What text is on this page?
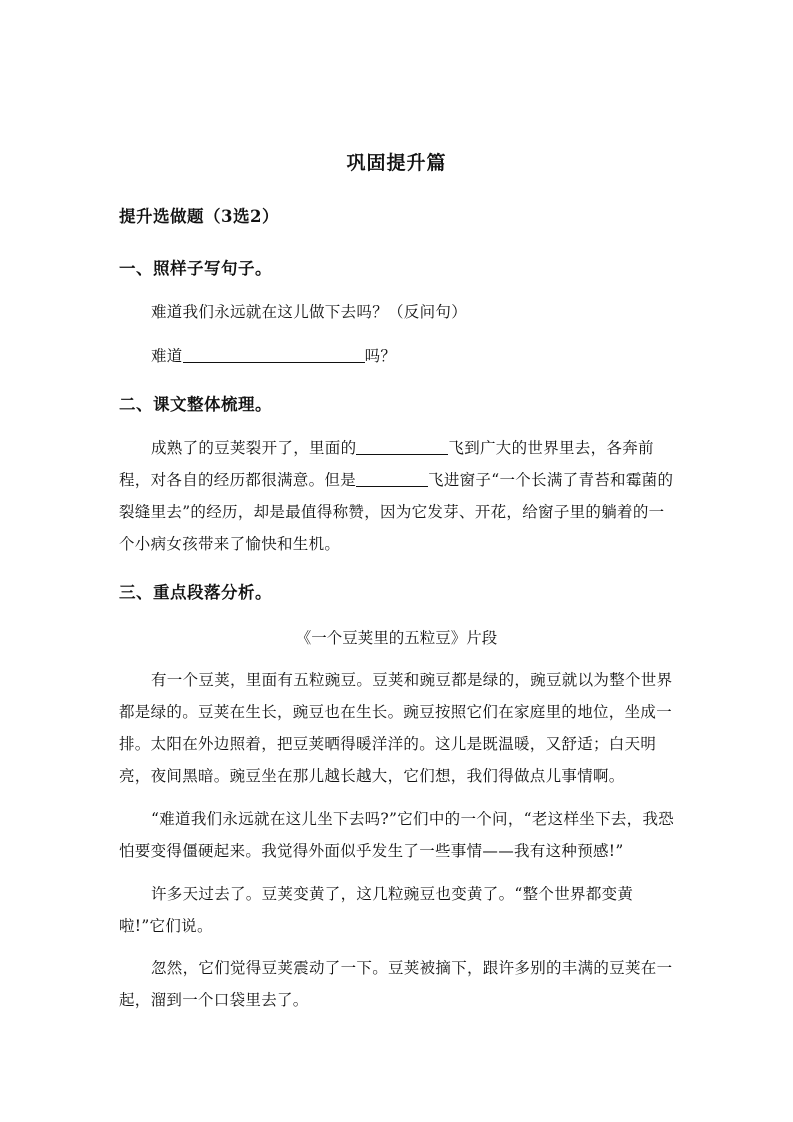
巩固提升篇
提升选做题（3选2）
一、照样子写句子。
难道我们永远就在这儿做下去吗？（反问句）
难道	吗？
二、课文整体梳理。
成熟了的豆荚裂开了，里面的	飞到广大的世界里去，各奔前程，对各自的经历都很满意。但是	飞进窗子“一个长满了青苔和霉菌的裂缝里去”的经历，却是最值得称赞，因为它发芽、开花，给窗子里的躺着的一个小病女孩带来了愉快和生机。
三、重点段落分析。
《一个豆荚里的五粒豆》片段
有一个豆荚，里面有五粒豌豆。豆荚和豌豆都是绿的，豌豆就以为整个世界都是绿的。豆荚在生长，豌豆也在生长。豌豆按照它们在家庭里的地位，坐成一排。太阳在外边照着，把豆荚晒得暖洋洋的。这儿是既温暖，又舒适；白天明亮，夜间黑暗。豌豆坐在那儿越长越大，它们想，我们得做点儿事情啊。
“难道我们永远就在这儿坐下去吗?”它们中的一个问，“老这样坐下去，我恐怕要变得僵硬起来。我觉得外面似乎发生了一些事情——我有这种预感!”
许多天过去了。豆荚变黄了，这几粒豌豆也变黄了。“整个世界都变黄啦!”它们说。
忽然，它们觉得豆荚震动了一下。豆荚被摘下，跟许多别的丰满的豆荚在一起，溜到一个口袋里去了。
